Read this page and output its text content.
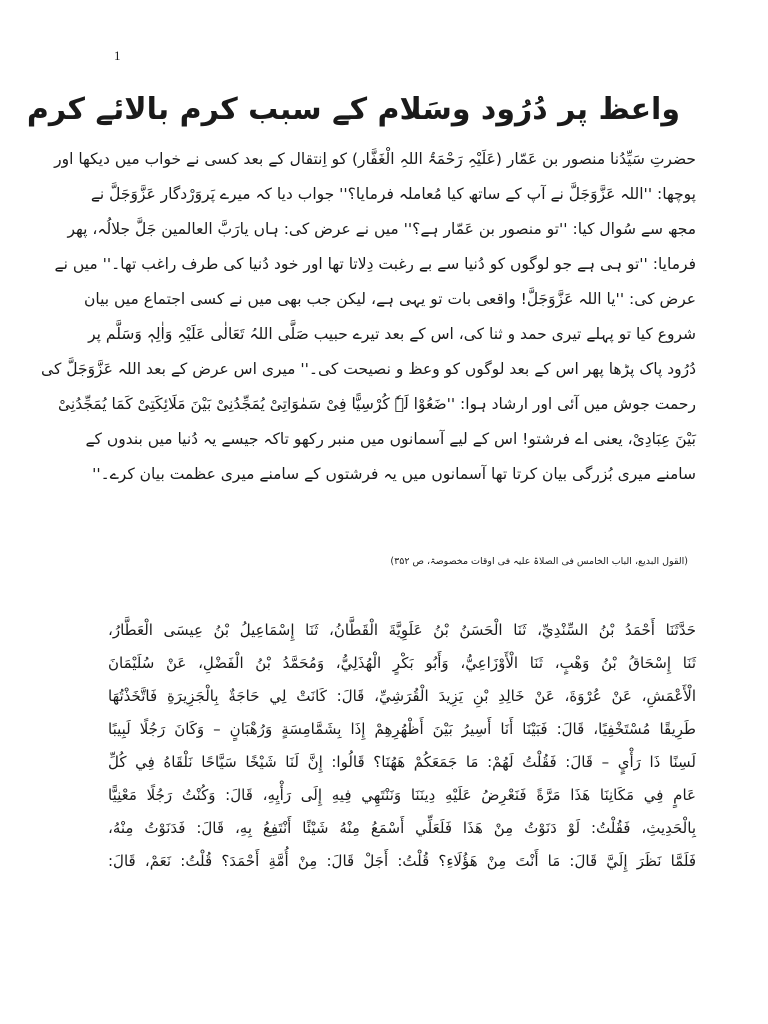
1
واعظ پر دُرُود وسَلام کے سبب کرم بالائے کرم
حضرتِ سَیِّدُنا منصور بن عَمّار (عَلَیْہِ رَحْمَۃُ اللہِ الْغَفَّار) کو اِنتقال کے بعد کسی نے خواب میں دیکھا اور
پوچھا: ''اللہ عَزَّوَجَلَّ نے آپ کے ساتھ کیا مُعاملہ فرمایا؟'' جواب دیا کہ میرے پَروَرْدگار عَزَّوَجَلَّ نے
مجھ سے سُوال کیا: ''تو منصور بن عَمّار ہے؟'' میں نے عرض کی: ہاں یارَبَّ العالمین جَلَّ جلالُہ، پھر
فرمایا: ''تو ہی ہے جو لوگوں کو دُنیا سے بے رغبت دِلاتا تھا اور خود دُنیا کی طرف راغب تھا۔'' میں نے
عرض کی: ''یا اللہ عَزَّوَجَلَّ! واقعی بات تو یہی ہے، لیکن جب بھی میں نے کسی اجتماع میں بیان
شروع کیا تو پہلے تیری حمد و ثنا کی، اس کے بعد تیرے حبیب صَلَّی اللہُ تَعَالٰی عَلَیْہِ وَاٰلِہٖ وَسَلَّم پر
دُرُود پاک پڑھا پھر اس کے بعد لوگوں کو وعظ و نصیحت کی۔'' میری اس عرض کے بعد اللہ عَزَّوَجَلَّ کی
رحمت جوش میں آئی اور ارشاد ہوا: ''ضَعُوْا لَہٗ کُرْسِیًّا فِیْ سَمٰوَاتِیْ یُمَجِّدُنِیْ بَیْنَ مَلَائِکَتِیْ کَمَا یُمَجِّدُنِیْ
بَیْنَ عِبَادِیْ، یعنی اے فرشتو! اس کے لیے آسمانوں میں منبر رکھو تاکہ جیسے یہ دُنیا میں بندوں کے
سامنے میری بُزرگی بیان کرتا تھا آسمانوں میں یہ فرشتوں کے سامنے میری عظمت بیان کرے۔''
(القول البدیع، الباب الخامس فی الصلاۃ علیہ فی اوقات مخصوصۃ، ص ۳۵۲)
حَدَّثَنَا أَحْمَدُ بْنُ السِّنْدِيِّ، ثَنَا الْحَسَنُ بْنُ عَلَوِيَّةَ الْقَطَّانُ، ثَنَا إِسْمَاعِيلُ بْنُ عِيسَى الْعَطَّارُ،
ثَنَا إِسْحَاقُ بْنُ وَهْبٍ، ثَنَا الْأَوْزَاعِيُّ، وَأَبُو بَكْرٍ الْهُذَلِيُّ، وَمُحَمَّدُ بْنُ الْفَضْلِ، عَنْ سُلَيْمَانَ
الْأَعْمَشِ، عَنْ عُرْوَةَ، عَنْ خَالِدِ بْنِ يَزِيدَ الْقُرَشِيِّ، قَالَ: كَانَتْ لِي حَاجَةٌ بِالْجَزِيرَةِ فَاتَّخَذْتُهَا
طَرِيقًا مُسْتَخْفِيًا، قَالَ: فَبَيْنَا أَنَا أَسِيرُ بَيْنَ أَظْهُرِهِمْ إِذَا بِشَمَّامِسَةٍ وَرُهْبَانٍ – وَكَانَ رَجُلًا لَبِيبًا
لَسِنًا ذَا رَأْيٍ – قَالَ: فَقُلْتُ لَهُمْ: مَا جَمَعَكُمْ هَهُنَا؟ قَالُوا: إِنَّ لَنَا شَيْخًا سَيَّاحًا نَلْقَاهُ فِي كُلِّ
عَامٍ فِي مَكَانِنَا هَذَا مَرَّةً فَنَعْرِضُ عَلَيْهِ دِينَنَا وَنَنْتَهِي فِيهِ إِلَى رَأْيِهِ، قَالَ: وَكُنْتُ رَجُلًا مَعْنِيًّا
بِالْحَدِيثِ، فَقُلْتُ: لَوْ دَنَوْتُ مِنْ هَذَا فَلَعَلِّي أَسْمَعُ مِنْهُ شَيْئًا أَنْتَفِعُ بِهِ، قَالَ: فَدَنَوْتُ مِنْهُ،
فَلَمَّا نَظَرَ إِلَيَّ قَالَ: مَا أَنْتَ مِنْ هَؤُلَاءِ؟ قُلْتُ: أَجَلْ قَالَ: مِنْ أُمَّةِ أَحْمَدَ؟ قُلْتُ: نَعَمْ، قَالَ:
